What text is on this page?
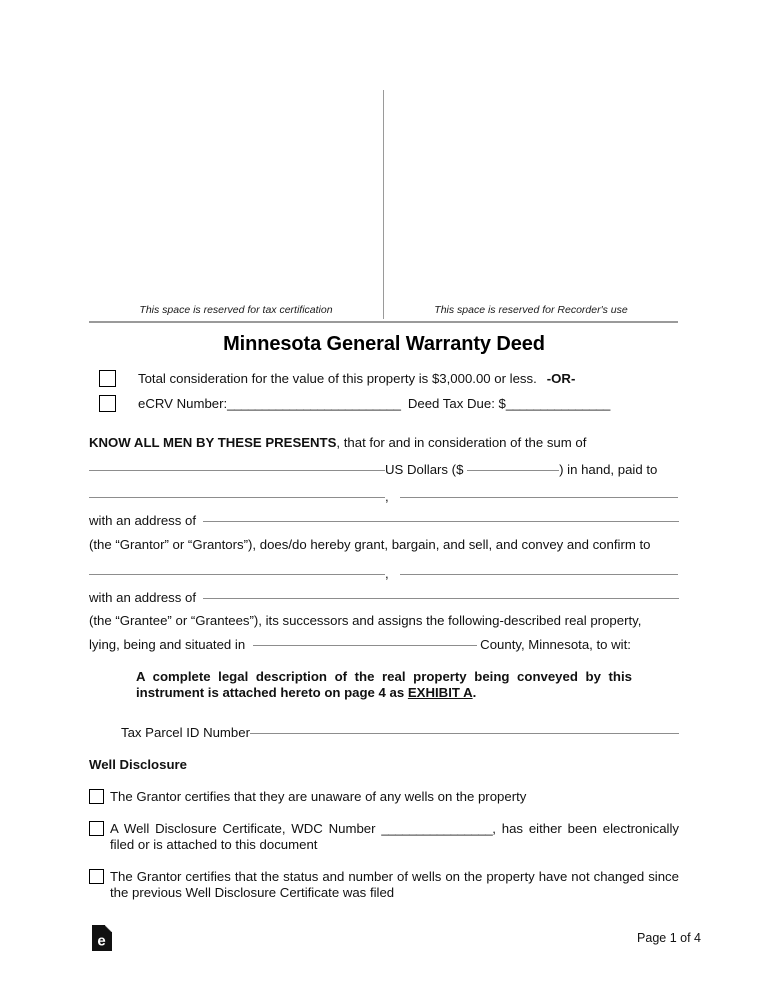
This space is reserved for tax certification	This space is reserved for Recorder's use
Minnesota General Warranty Deed
Total consideration for the value of this property is $3,000.00 or less. -OR-
eCRV Number:_________________________ Deed Tax Due: $_______________
KNOW ALL MEN BY THESE PRESENTS, that for and in consideration of the sum of
US Dollars ($
	) in hand, paid to
,

with an address of

(the “Grantor” or “Grantors”), does/do hereby grant, bargain, and sell, and convey and confirm to
,

with an address of

(the “Grantee” or “Grantees”), its successors and assigns the following-described real property,
lying, being and situated in

	County, Minnesota, to wit:
A complete legal description of the real property being conveyed by this instrument is attached hereto on page 4 as EXHIBIT A.
Tax Parcel ID Number
Well Disclosure
The Grantor certifies that they are unaware of any wells on the property
A Well Disclosure Certificate, WDC Number ________________, has either been electronically filed or is attached to this document
The Grantor certifies that the status and number of wells on the property have not changed since the previous Well Disclosure Certificate was filed
e	Page 1 of 4
